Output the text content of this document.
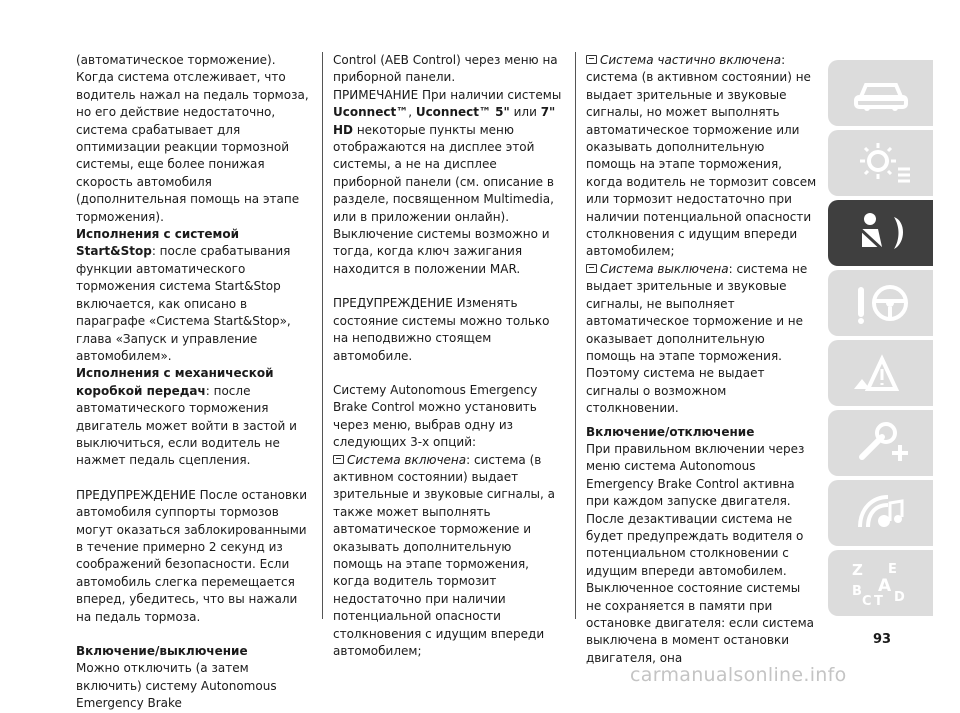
(автоматическое торможение).

Когда система отслеживает, что водитель нажал на педаль тормоза, но его действие недостаточно, система срабатывает для оптимизации реакции тормозной системы, еще более понижая скорость автомобиля (дополнительная помощь на этапе торможения).

Исполнения с системой Start&Stop: после срабатывания функции автоматического торможения система Start&Stop включается, как описано в параграфе «Система Start&Stop», глава «Запуск и управление автомобилем».

Исполнения с механической коробкой передач: после автоматического торможения двигатель может войти в застой и выключиться, если водитель не нажмет педаль сцепления.

ПРЕДУПРЕЖДЕНИЕ После остановки автомобиля суппорты тормозов могут оказаться заблокированными в течение примерно 2 секунд из соображений безопасности. Если автомобиль слегка перемещается вперед, убедитесь, что вы нажали на педаль тормоза.

Включение/выключение

Можно отключить (а затем включить) систему Autonomous Emergency Brake

Control (AEB Control) через меню на приборной панели.

ПРИМЕЧАНИЕ При наличии системы Uconnect™, Uconnect™ 5" или 7" HD некоторые пункты меню отображаются на дисплее этой системы, а не на дисплее приборной панели (см. описание в разделе, посвященном Multimedia, или в приложении онлайн).

Выключение системы возможно и тогда, когда ключ зажигания находится в положении MAR.

ПРЕДУПРЕЖДЕНИЕ Изменять состояние системы можно только на неподвижно стоящем автомобиле.

Систему Autonomous Emergency Brake Control можно установить через меню, выбрав одну из следующих 3-х опций:

Система включена: система (в активном состоянии) выдает зрительные и звуковые сигналы, а также может выполнять автоматическое торможение и оказывать дополнительную помощь на этапе торможения, когда водитель тормозит недостаточно при наличии потенциальной опасности столкновения с идущим впереди автомобилем;

Система частично включена: система (в активном состоянии) не выдает зрительные и звуковые сигналы, но может выполнять автоматическое торможение или оказывать дополнительную помощь на этапе торможения, когда водитель не тормозит совсем или тормозит недостаточно при наличии потенциальной опасности столкновения с идущим впереди автомобилем;

Система выключена: система не выдает зрительные и звуковые сигналы, не выполняет автоматическое торможение и не оказывает дополнительную помощь на этапе торможения. Поэтому система не выдает сигналы о возможном столкновении.

Включение/отключение

При правильном включении через меню система Autonomous Emergency Brake Control активна при каждом запуске двигателя.

После дезактивации система не будет предупреждать водителя о потенциальном столкновении с идущим впереди автомобилем.

Выключенное состояние системы не сохраняется в памяти при остановке двигателя: если система выключена в момент остановки двигателя, она

Z E
B A
C T D
93
carmanualsonline.info
